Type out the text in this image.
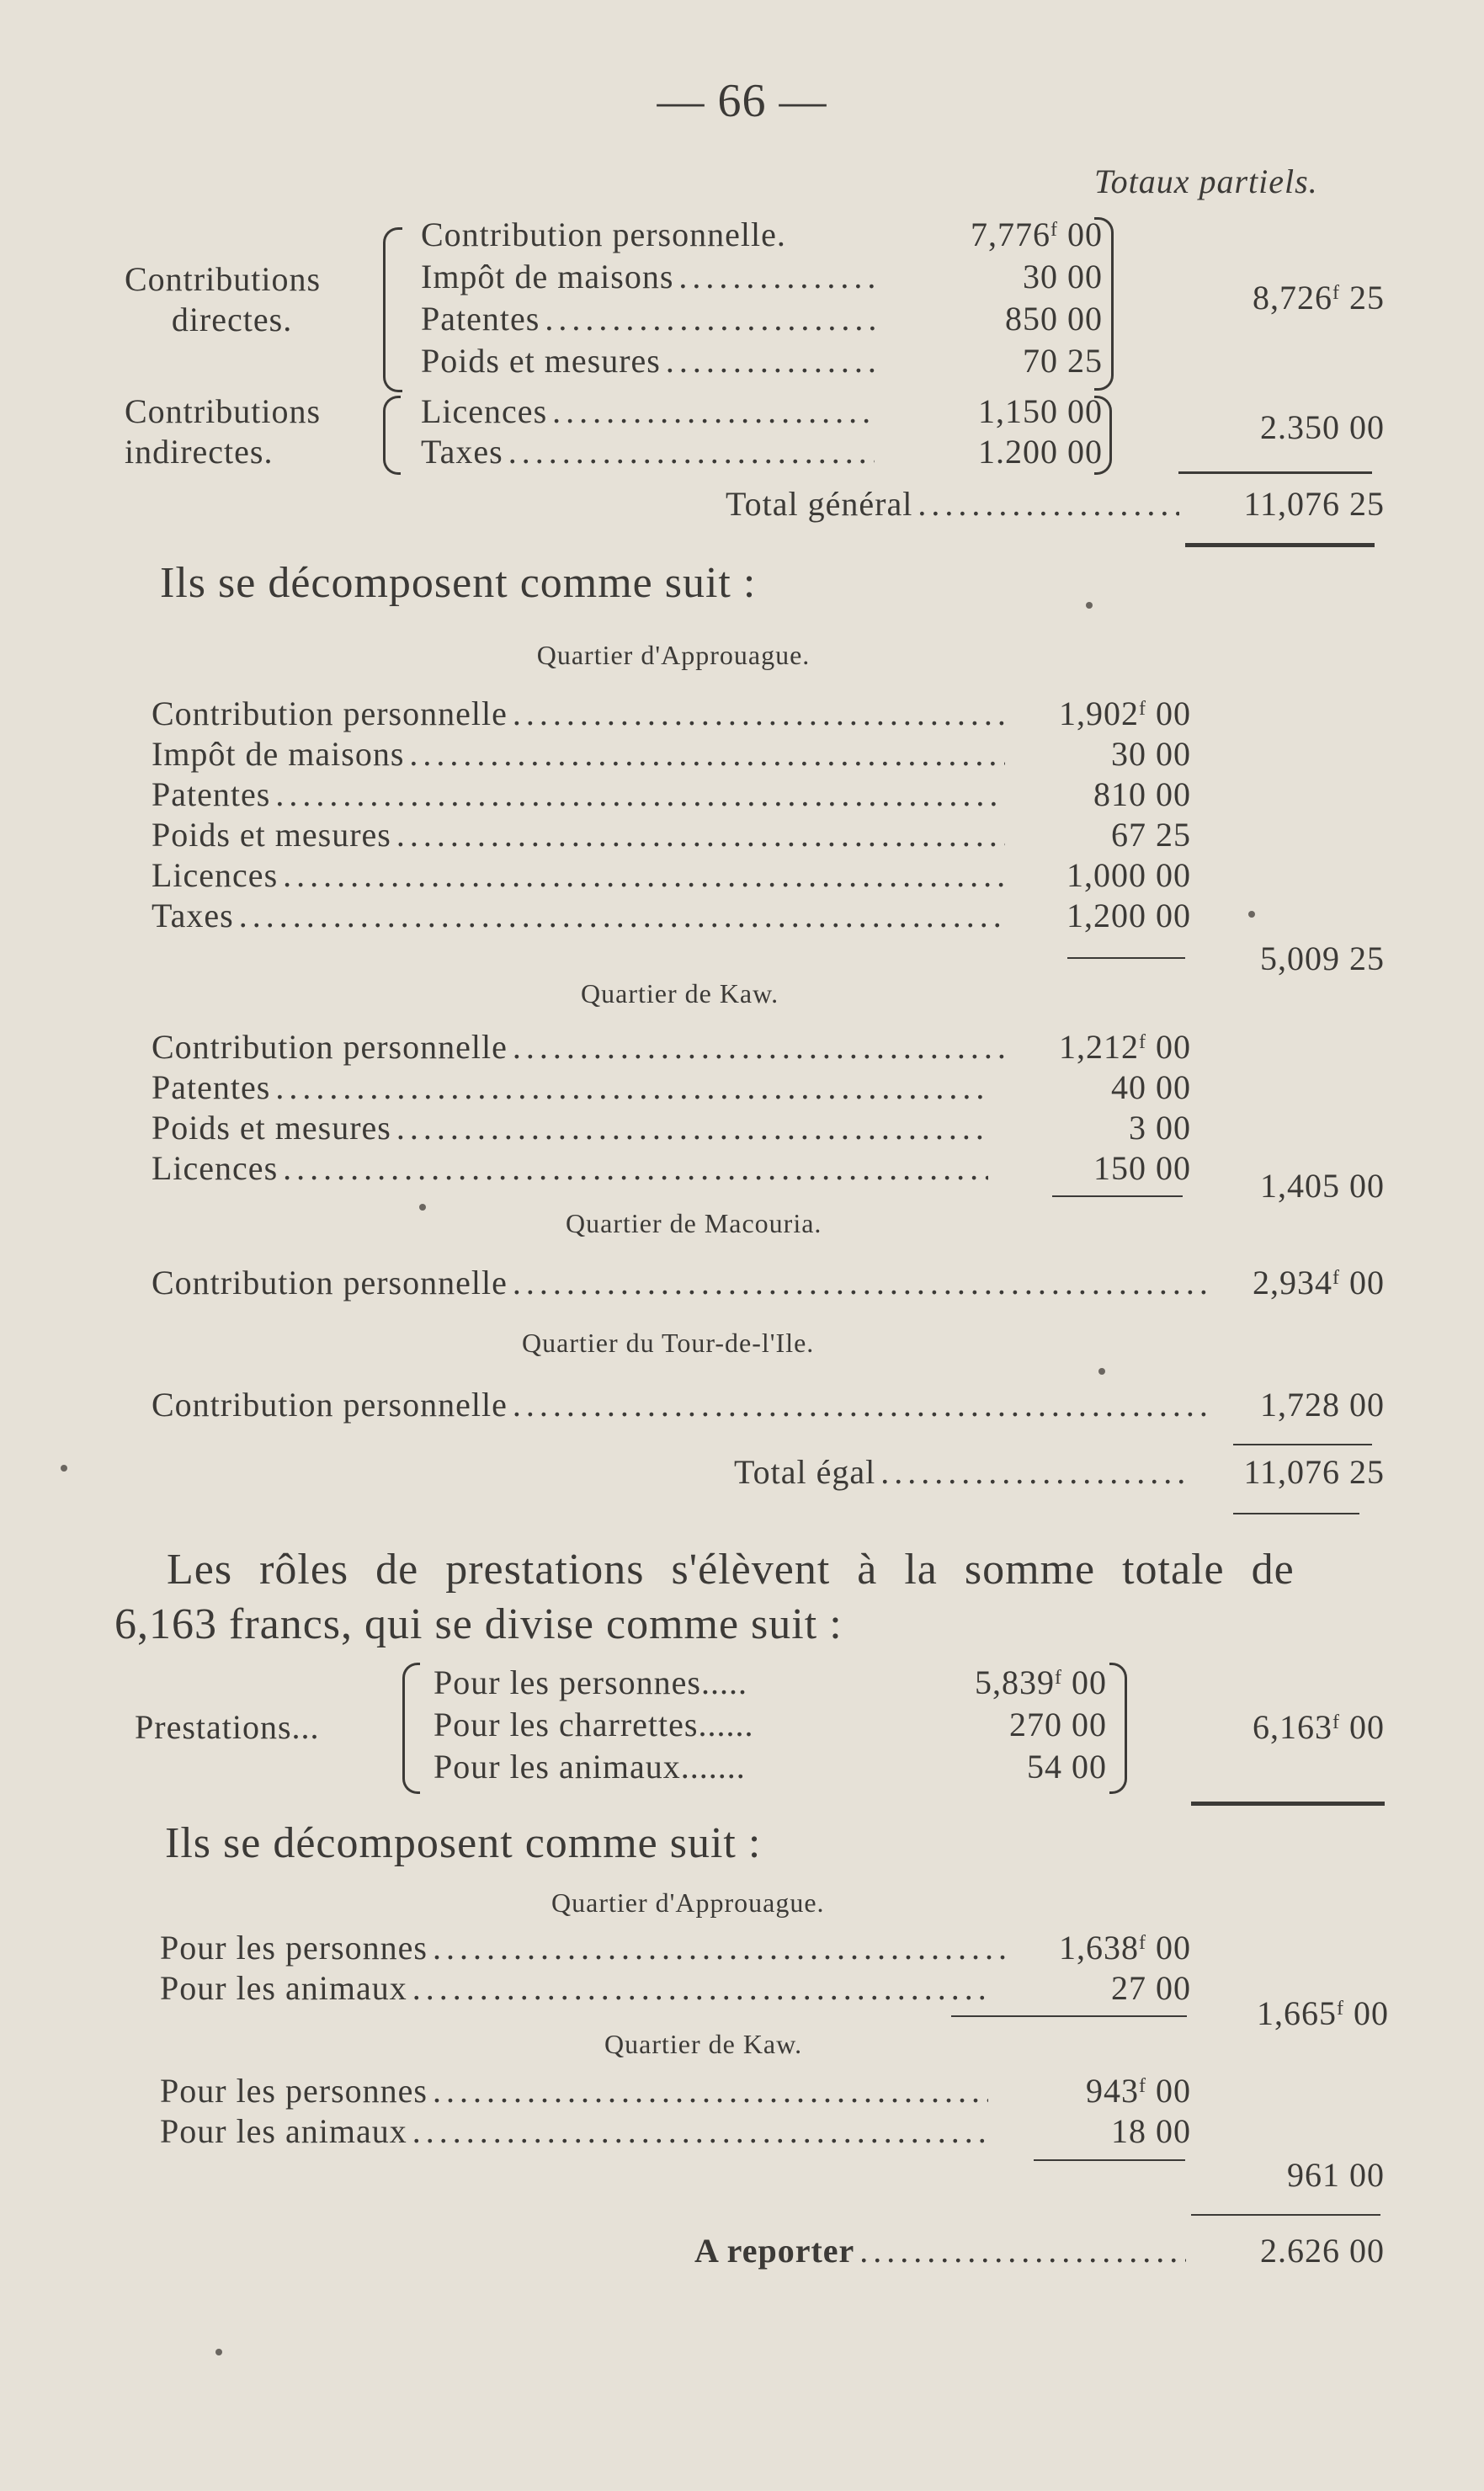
— 66 —
Totaux partiels.
Contributions
directes.
Contribution personnelle.	7,776$^f$ 00
Impôt de maisons .....	30 00
Patentes .....	850 00
Poids et mesures .....	70 25
8,726$^f$ 25
Contributions
indirectes.
Licences .....	1,150 00
Taxes .....	1.200 00
2.350 00
Total général .....	11,076 25
Ils se décomposent comme suit :
Quartier d'Approuague.
Contribution personnelle .....	1,902$^f$ 00
Impôt de maisons .....	30 00
Patentes .....	810 00
Poids et mesures .....	67 25
Licences .....	1,000 00
Taxes .....	1,200 00
5,009 25
Quartier de Kaw.
Contribution personnelle .....	1,212$^f$ 00
Patentes .....	40 00
Poids et mesures .....	3 00
Licences .....	150 00	1,405 00
Quartier de Macouria.
Contribution personnelle .....	2,934$^f$ 00
Quartier du Tour-de-l'Ile.
Contribution personnelle .....	1,728 00
Total égal .....	11,076 25
Les rôles de prestations s'élèvent à la somme totale de
6,163 francs, qui se divise comme suit :
Prestations...
Pour les personnes.....	5,839$^f$ 00
Pour les charrettes......	270 00
Pour les animaux.......	54 00
6,163$^f$ 00
Ils se décomposent comme suit :
Quartier d'Approuague.
Pour les personnes .....	1,638$^f$ 00
Pour les animaux .....	27 00
1,665$^f$ 00
Quartier de Kaw.
Pour les personnes .....	943$^f$ 00
Pour les animaux .....	18 00
961 00
A reporter .....	2.626 00
